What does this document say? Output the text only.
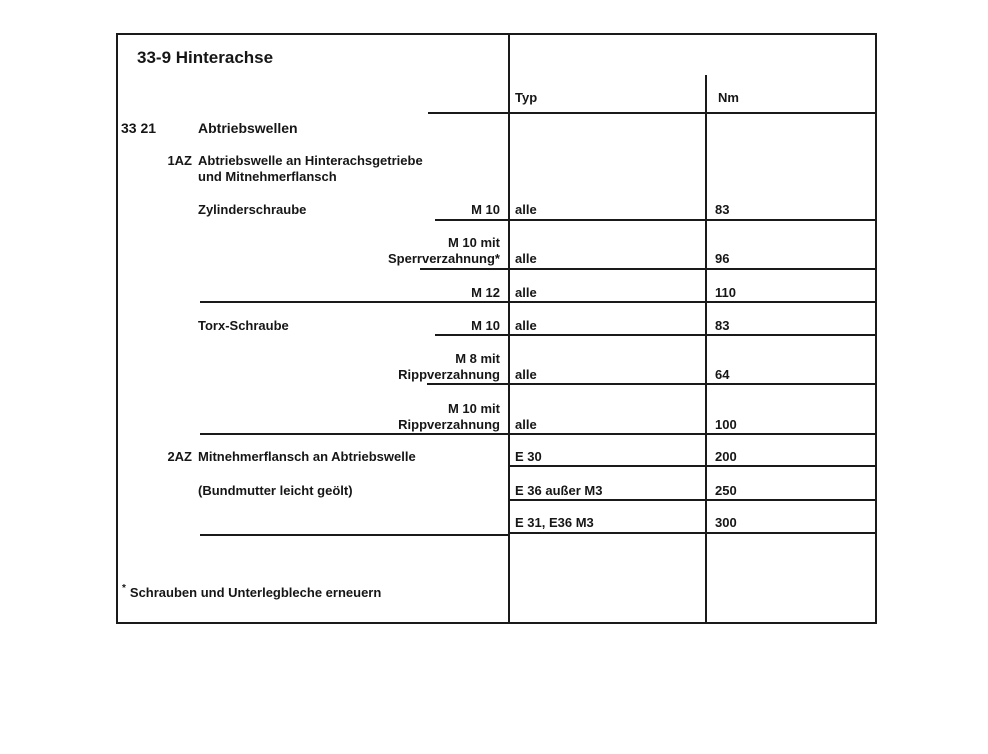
33-9 Hinterachse
Typ	Nm
33 21	Abtriebswellen
1AZ Abtriebswelle an Hinterachsgetriebe
und Mitnehmerflansch
Zylinderschraube	M 10 alle	83
M 10 mit
Sperrverzahnung* alle	96
M 12 alle	110
Torx-Schraube	M 10 alle	83
M 8 mit
Rippverzahnung alle	64
M 10 mit
Rippverzahnung alle	100
2AZ Mitnehmerflansch an Abtriebswelle	E 30	200
(Bundmutter leicht geölt)	E 36 außer M3	250
E 31, E36 M3	300
* Schrauben und Unterlegbleche erneuern
